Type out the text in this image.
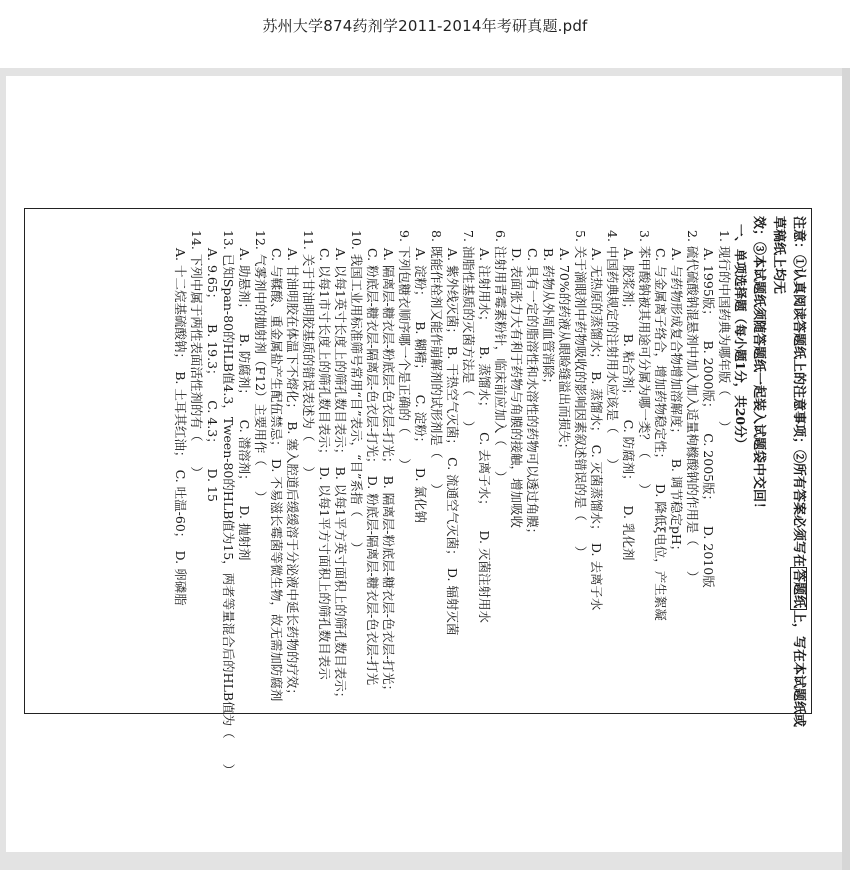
苏州大学874药剂学2011-2014年考研真题.pdf
注意：①认真阅读答题纸上的注意事项；②所有答案必须写在答题纸上，写在本试题纸或草稿纸上均无
效；③本试题纸须随答题纸一起装入试题袋中交回！
一、单项选择题（每小题1分，共20分）
1. 现行的中国药典为哪年版（　　）
A. 1995版；　　B. 2000版；　　C. 2005版；　　D. 2010版
2. 硫代硫酸钠混悬剂中加入加入适量枸橼酸钠的作用是（　　）
A. 与药物形成复合物增加溶解度；　　B. 调节稳定pH；
C. 与金属离子络合，增加药物稳定性；　　D. 降低ξ电位，产生絮凝
3. 苯甲酸钠被其用途可分属为哪一类？（　　）
A. 胶浆剂；　　B. 粘合剂；　　C. 防腐剂；　　D. 乳化剂
4. 中国药典规定的注射用水应该是（　　）
A. 无热原的蒸馏水；　B. 蒸馏水；　C. 灭菌蒸馏水；　D. 去离子水
5. 关于滴眼剂中药物吸收的影响因素叙述错误的是（　　）
A. 70%的药液从眼睑缝溢出而损失；
B. 药物从外周血管消除；
C. 具有一定的脂溶性和水溶性的药物可以透过角膜；
D. 表面张力大有利于药物与角膜的接触，增加吸收
6. 注射用青霉素粉针，临床前应加入（　　）
A. 注射用水；　　B. 蒸馏水；　　C. 去离子水；　　D. 灭菌注射用水
7. 油脂性基质的灭菌方法是（　　）
A. 紫外线灭菌；　B. 干热空气灭菌；　C. 流通空气灭菌；　D. 辐射灭菌
8. 既能作栓剂又能作崩解剂的试形剂是（　　）
A. 淀粉；　　B. 糊精；　　C. 淀粉；　　D. 氯化钠
9. 下列包糖衣顺序哪一个是正确的（　　）
A. 隔离层-糖衣层-粉底层-色衣层-打光；　B. 隔离层-粉底层-糖衣层-色衣层-打光；
C. 粉底层-糖衣层-隔离层-色衣层-打光；　D. 粉底层-隔离层-糖衣层-色衣层-打光
10. 我国工业用标准筛号常用“目”表示，“目”系指（　　）
A. 以每1英寸长度上的筛孔数目表示；　B. 以每1平方英寸面积上的筛孔数目表示；
C. 以每1市寸长度上的筛孔数目表示；　D. 以每1平方寸面积上的筛孔数目表示
11. 关于甘油明胶基质的错误表述为（　　）
A. 甘油明胶在体温下不熔化；　B. 塞入腔道后缓缓溶于分泌液中延长药物的疗效；
C. 与鞣酸、重金属盐产生配伍禁忌；　D. 不易滋长霉菌等微生物，故无需加防腐剂
12. 气雾剂中的抛射剂（F12）主要用作（　　）
A. 助悬剂；　　B. 防腐剂；　　C. 潜溶剂；　　D. 抛射剂
13. 已知Span-80的HLB值4.3，Tween-80的HLB值为15，两者等量混合后的HLB值为（　　）
A. 9.65；　　B. 19.3；　　C. 4.3；　　D. 15
14. 下列中属于两性表面活性剂的有（　　）
A. 十二烷基硫酸钠；　B. 土耳其红油；　C. 吐温-60；　D. 卵磷脂
